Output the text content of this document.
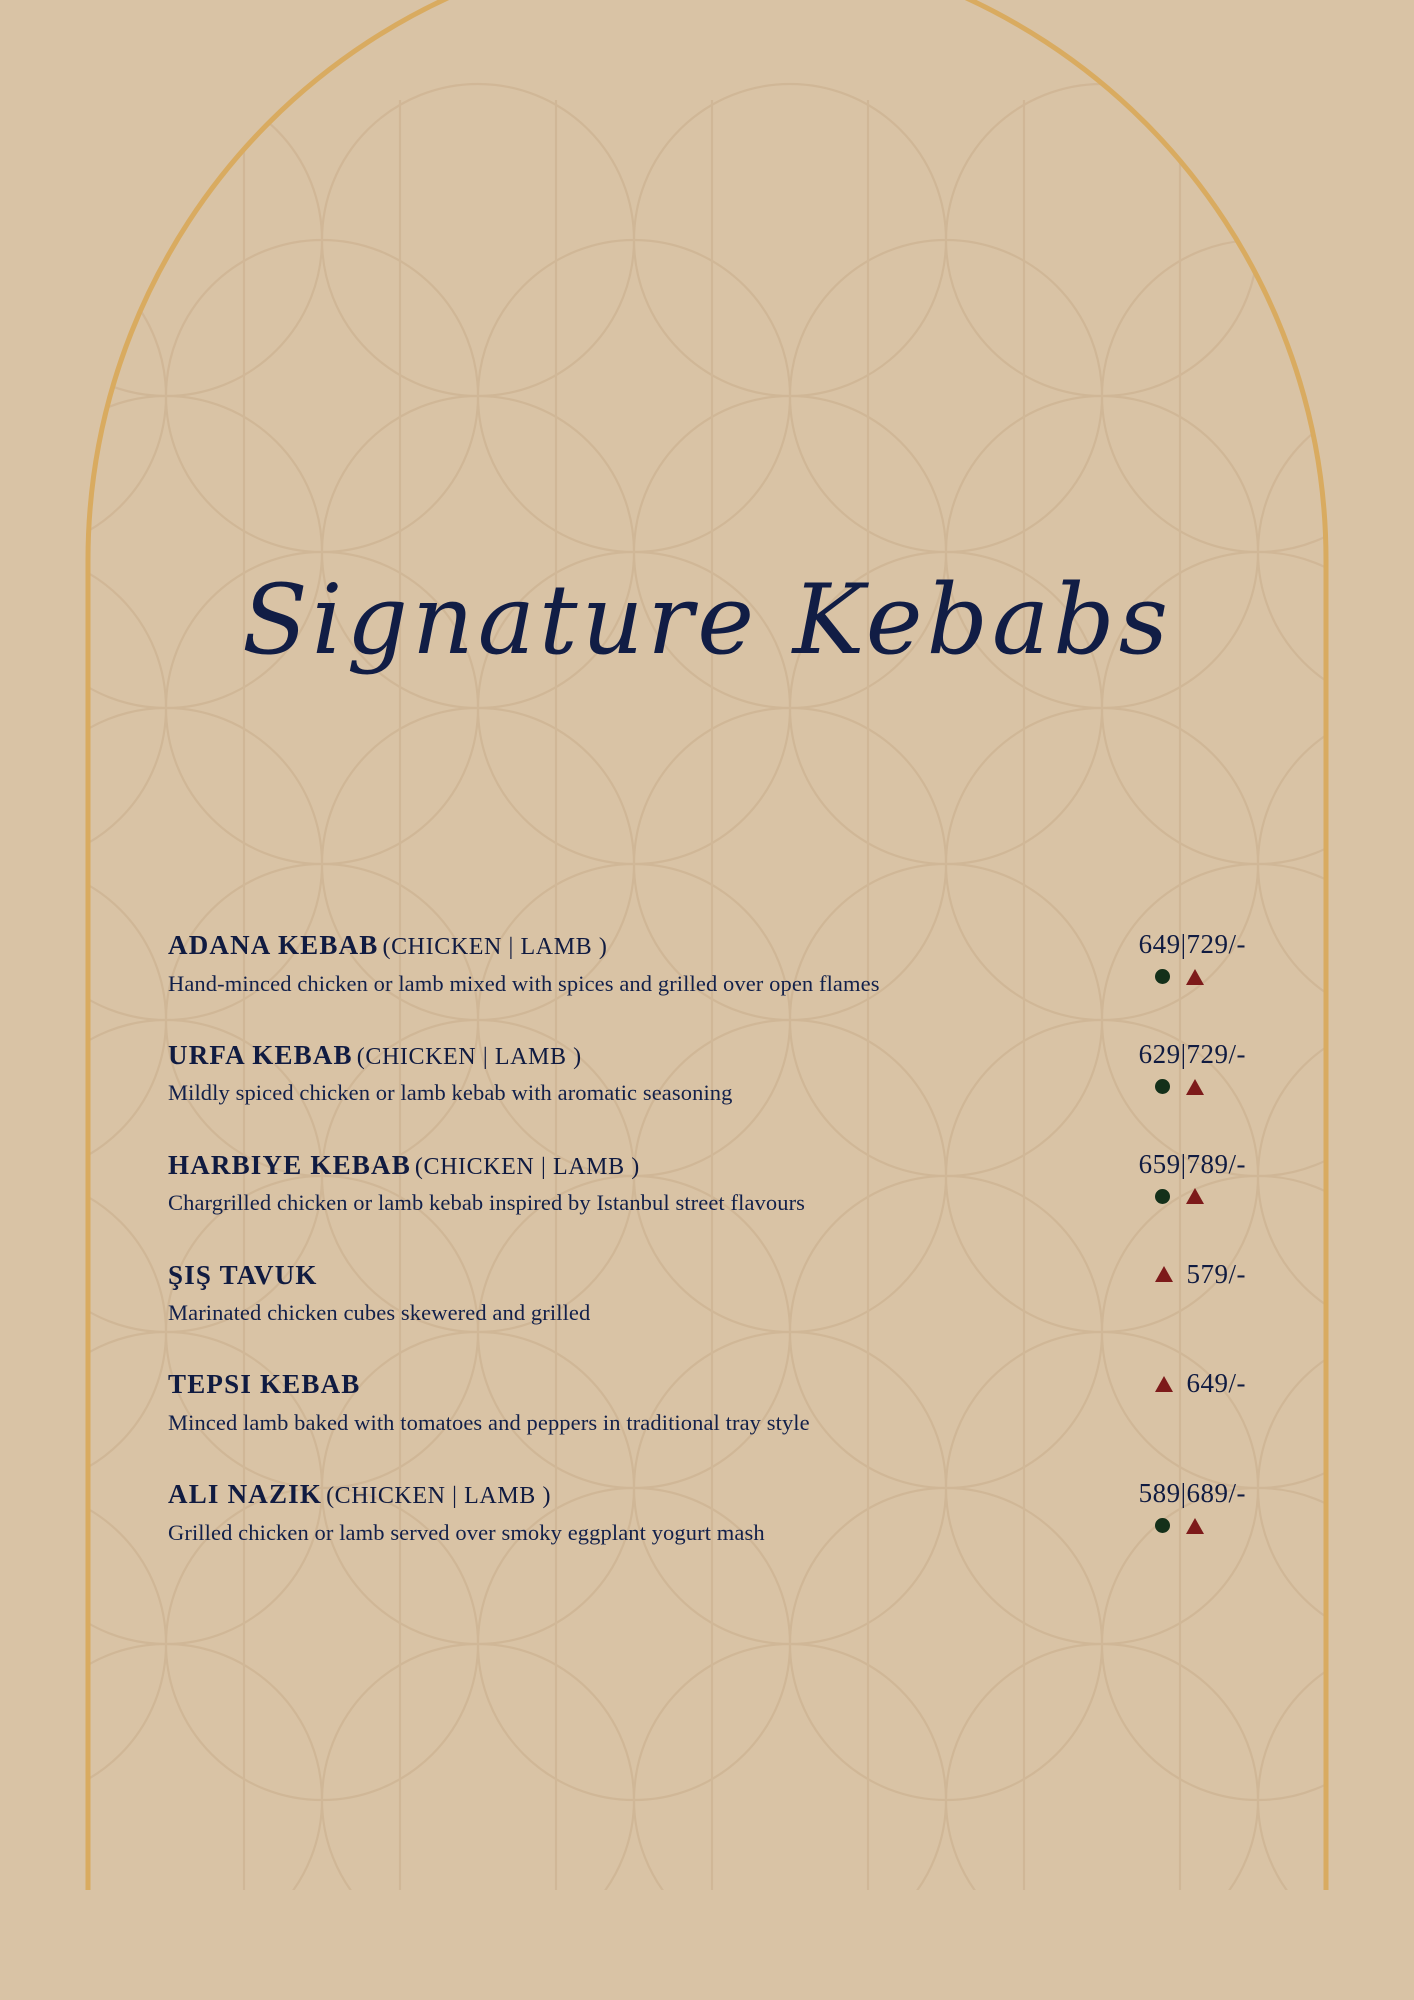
Signature Kebabs
ADANA KEBAB (CHICKEN | LAMB )
Hand-minced chicken or lamb mixed with spices and grilled over open flames
649|729/-
URFA KEBAB (CHICKEN | LAMB )
Mildly spiced chicken or lamb kebab with aromatic seasoning
629|729/-
HARBIYE KEBAB (CHICKEN | LAMB )
Chargrilled chicken or lamb kebab inspired by Istanbul street flavours
659|789/-
ŞIŞ TAVUK
Marinated chicken cubes skewered and grilled
579/-
TEPSI KEBAB
Minced lamb baked with tomatoes and peppers in traditional tray style
649/-
ALI NAZIK (CHICKEN | LAMB )
Grilled chicken or lamb served over smoky eggplant yogurt mash
589|689/-
